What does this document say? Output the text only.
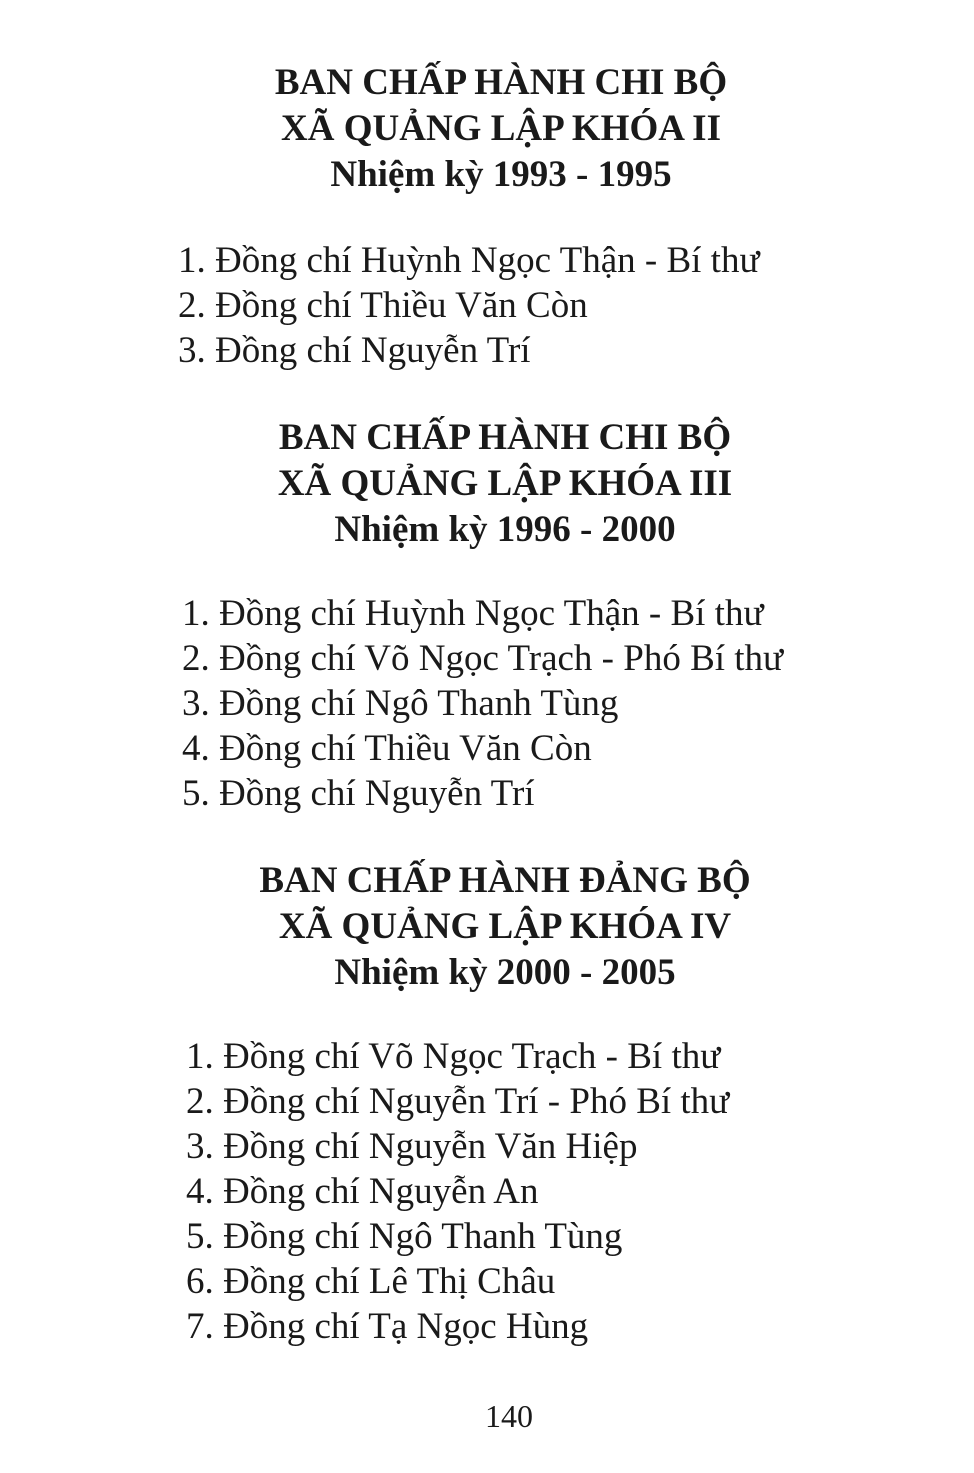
BAN CHẤP HÀNH CHI BỘ
XÃ QUẢNG LẬP KHÓA II
Nhiệm kỳ 1993 - 1995
1. Đồng chí Huỳnh Ngọc Thận - Bí thư
2. Đồng chí Thiều Văn Còn
3. Đồng chí Nguyễn Trí
BAN CHẤP HÀNH CHI BỘ
XÃ QUẢNG LẬP KHÓA III
Nhiệm kỳ 1996 - 2000
1. Đồng chí Huỳnh Ngọc Thận - Bí thư
2. Đồng chí Võ Ngọc Trạch - Phó Bí thư
3. Đồng chí Ngô Thanh Tùng
4. Đồng chí Thiều Văn Còn
5. Đồng chí Nguyễn Trí
BAN CHẤP HÀNH ĐẢNG BỘ
XÃ QUẢNG LẬP KHÓA IV
Nhiệm kỳ 2000 - 2005
1. Đồng chí Võ Ngọc Trạch - Bí thư
2. Đồng chí Nguyễn Trí - Phó Bí thư
3. Đồng chí Nguyễn Văn Hiệp
4. Đồng chí Nguyễn An
5. Đồng chí Ngô Thanh Tùng
6. Đồng chí Lê Thị Châu
7. Đồng chí Tạ Ngọc Hùng
140
